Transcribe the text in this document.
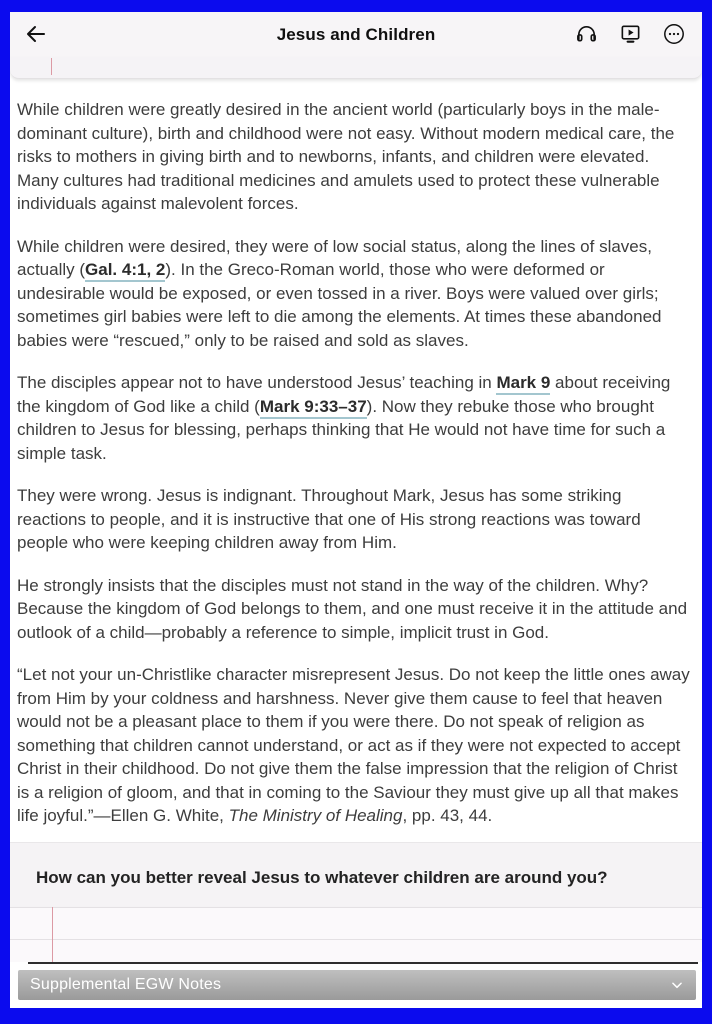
Jesus and Children

While children were greatly desired in the ancient world (particularly boys in the male-dominant culture), birth and childhood were not easy. Without modern medical care, the risks to mothers in giving birth and to newborns, infants, and children were elevated. Many cultures had traditional medicines and amulets used to protect these vulnerable individuals against malevolent forces.

While children were desired, they were of low social status, along the lines of slaves, actually (Gal. 4:1, 2). In the Greco-Roman world, those who were deformed or undesirable would be exposed, or even tossed in a river. Boys were valued over girls; sometimes girl babies were left to die among the elements. At times these abandoned babies were “rescued,” only to be raised and sold as slaves.

The disciples appear not to have understood Jesus’ teaching in Mark 9 about receiving the kingdom of God like a child (Mark 9:33–37). Now they rebuke those who brought children to Jesus for blessing, perhaps thinking that He would not have time for such a simple task.

They were wrong. Jesus is indignant. Throughout Mark, Jesus has some striking reactions to people, and it is instructive that one of His strong reactions was toward people who were keeping children away from Him.

He strongly insists that the disciples must not stand in the way of the children. Why? Because the kingdom of God belongs to them, and one must receive it in the attitude and outlook of a child—probably a reference to simple, implicit trust in God.

“Let not your un-Christlike character misrepresent Jesus. Do not keep the little ones away from Him by your coldness and harshness. Never give them cause to feel that heaven would not be a pleasant place to them if you were there. Do not speak of religion as something that children cannot understand, or act as if they were not expected to accept Christ in their childhood. Do not give them the false impression that the religion of Christ is a religion of gloom, and that in coming to the Saviour they must give up all that makes life joyful.”—Ellen G. White, The Ministry of Healing, pp. 43, 44.

How can you better reveal Jesus to whatever children are around you?

Supplemental EGW Notes
